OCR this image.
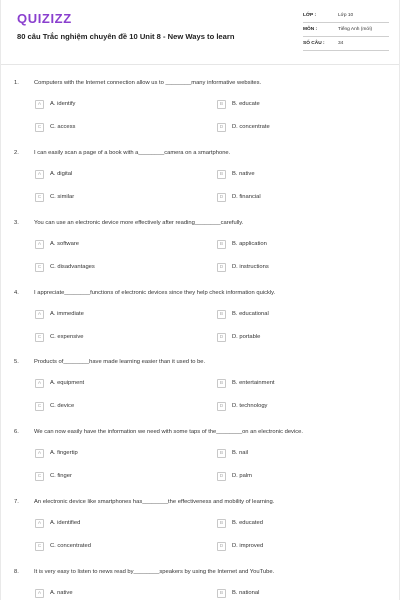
QUIZIZZ
80 câu Trắc nghiệm chuyên đề 10 Unit 8 - New Ways to learn
LỚP :	Lớp 10
MÔN :	Tiếng Anh (mới)
SỐ CÂU :	34
1.	Computers with the Internet connection allow us to ________many informative websites.
A	A. identify	B	B. educate
C	C. access	D	D. concentrate
2.	I can easily scan a page of a book with a________camera on a smartphone.
A	A. digital	B	B. native
C	C. similar	D	D. financial
3.	You can use an electronic device more effectively after reading________carefully.
A	A. software	B	B. application
C	C. disadvantages	D	D. instructions
4.	I appreciate________functions of electronic devices since they help check information quickly.
A	A. immediate	B	B. educational
C	C. expensive	D	D. portable
5.	Products of________have made learning easier than it used to be.
A	A. equipment	B	B. entertainment
C	C. device	D	D. technology
6.	We can now easily have the information we need with some taps of the________on an electronic device.
A	A. fingertip	B	B. nail
C	C. finger	D	D. palm
7.	An electronic device like smartphones has________the effectiveness and mobility of learning.
A	A. identified	B	B. educated
C	C. concentrated	D	D. improved
8.	It is very easy to listen to news read by________speakers by using the Internet and YouTube.
A	A. native	B	B. national
